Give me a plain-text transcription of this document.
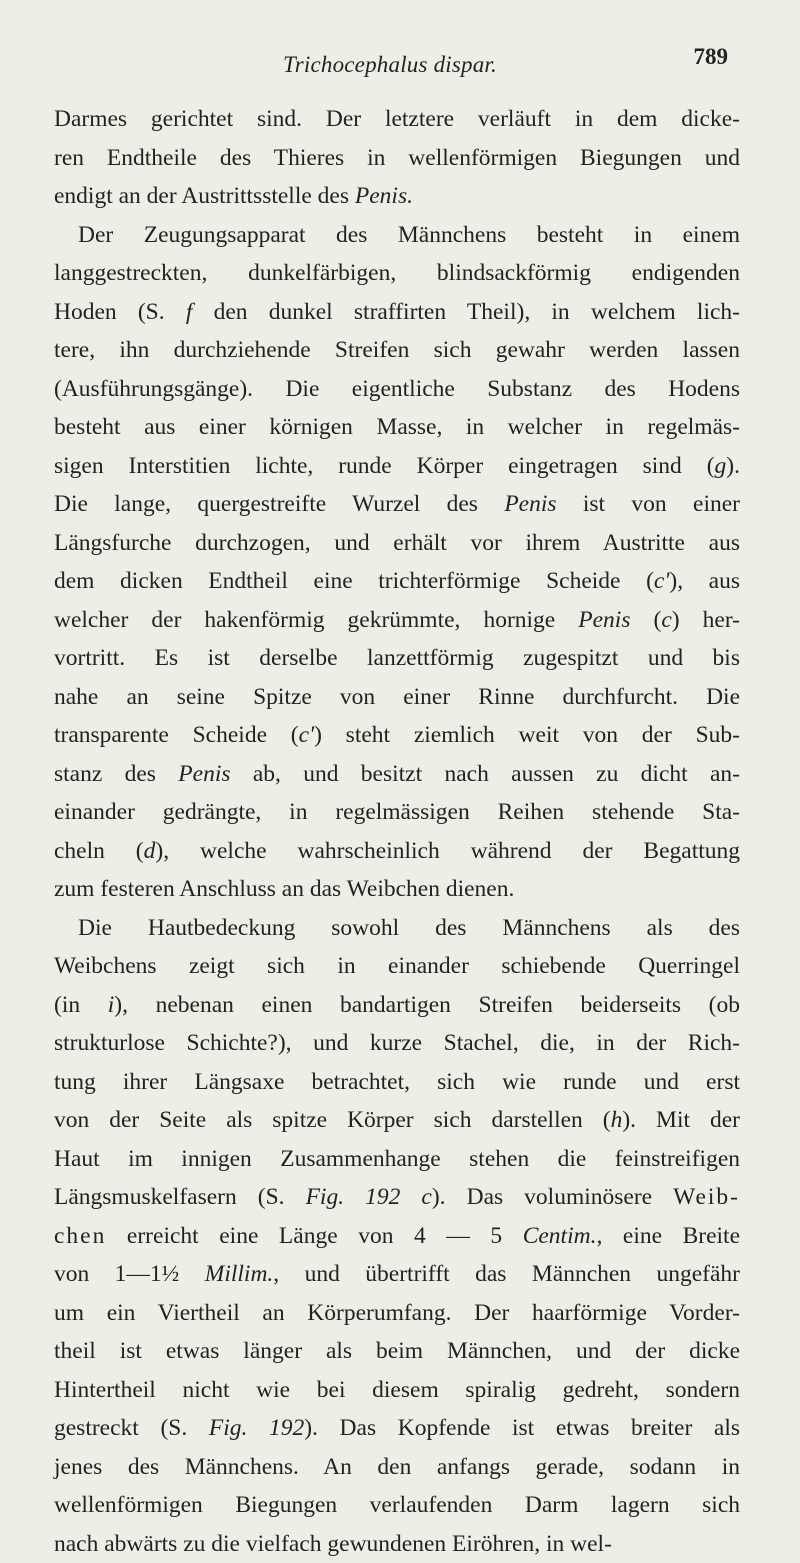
Trichocephalus dispar.	789
Darmes gerichtet sind. Der letztere verläuft in dem dicke-
ren Endtheile des Thieres in wellenförmigen Biegungen und
endigt an der Austrittsstelle des Penis.
Der Zeugungsapparat des Männchens besteht in einem
langgestreckten, dunkelfärbigen, blindsackförmig endigenden
Hoden (S. f den dunkel straffirten Theil), in welchem lich-
tere, ihn durchziehende Streifen sich gewahr werden lassen
(Ausführungsgänge). Die eigentliche Substanz des Hodens
besteht aus einer körnigen Masse, in welcher in regelmäs-
sigen Interstitien lichte, runde Körper eingetragen sind (g).
Die lange, quergestreifte Wurzel des Penis ist von einer
Längsfurche durchzogen, und erhält vor ihrem Austritte aus
dem dicken Endtheil eine trichterförmige Scheide (c'), aus
welcher der hakenförmig gekrümmte, hornige Penis (c) her-
vortritt. Es ist derselbe lanzettförmig zugespitzt und bis
nahe an seine Spitze von einer Rinne durchfurcht. Die
transparente Scheide (c') steht ziemlich weit von der Sub-
stanz des Penis ab, und besitzt nach aussen zu dicht an-
einander gedrängte, in regelmässigen Reihen stehende Sta-
cheln (d), welche wahrscheinlich während der Begattung
zum festeren Anschluss an das Weibchen dienen.
Die Hautbedeckung sowohl des Männchens als des
Weibchens zeigt sich in einander schiebende Querringel
(in i), nebenan einen bandartigen Streifen beiderseits (ob
strukturlose Schichte?), und kurze Stachel, die, in der Rich-
tung ihrer Längsaxe betrachtet, sich wie runde und erst
von der Seite als spitze Körper sich darstellen (h). Mit der
Haut im innigen Zusammenhange stehen die feinstreifigen
Längsmuskelfasern (S. Fig. 192 c). Das voluminösere Weib-
chen erreicht eine Länge von 4 — 5 Centim., eine Breite
von 1—1½ Millim., und übertrifft das Männchen ungefähr
um ein Viertheil an Körperumfang. Der haarförmige Vorder-
theil ist etwas länger als beim Männchen, und der dicke
Hintertheil nicht wie bei diesem spiralig gedreht, sondern
gestreckt (S. Fig. 192). Das Kopfende ist etwas breiter als
jenes des Männchens. An den anfangs gerade, sodann in
wellenförmigen Biegungen verlaufenden Darm lagern sich
nach abwärts zu die vielfach gewundenen Eiröhren, in wel-
